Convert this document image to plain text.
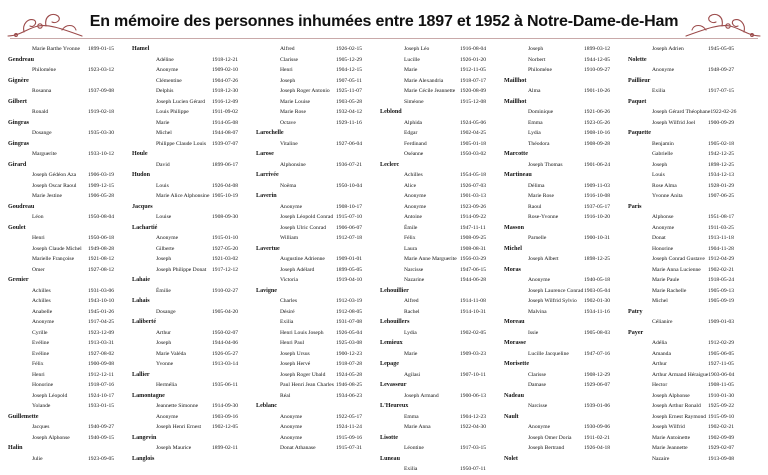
En mémoire des personnes inhumées entre 1897 et 1952 à Notre-Dame-de-Ham
Marie Barthe Yvonne	1899-01-15
Gendreau
Philoméne	1923-03-12
Gignère
Rosanna	1937-09-08
Gilbert
Ronald	1919-02-18
Gingras
Dosange	1935-03-30
Gingras
Marguerite	1933-10-12
Girard
Joseph Gédéon Aza	1906-03-19
Joseph Oscar Raoul	1909-12-15
Marie Jestine	1906-05-28
Goudreau
Léon	1950-08-04
Goulet
Henri	1950-06-18
Joseph Claude Michel	1949-08-28
Marielle Françoise	1921-08-12
Omer	1927-08-12
Grenier
Achilles	1931-03-06
Achilles	1943-10-10
Anabelle	1945-01-26
Anonyme	1917-04-25
Cyrille	1923-12-09
Evéline	1913-03-31
Evéline	1927-08-02
Félix	1900-09-08
Henri	1912-12-11
Honorine	1918-07-16
Joseph Léopold	1924-10-17
Yolande	1933-01-15
Guillemette
Jacques	1940-09-27
Joseph Alphonse	1940-09-15
Halin
Julie	1923-09-05
Hamel
Adéline	1918-12-21
Anonyme	1909-02-10
Clémentine	1904-07-26
Delphis	1918-12-30
Joseph Lucien Gérard	1916-12-09
Louis Philippe	1911-09-02
Marie	1914-05-08
Michel	1944-08-07
Philippe Claude Louis	1939-07-07
Houle
David	1899-06-17
Hudon
Louis	1926-04-08
Marie Alice Alphonsine 1905-10-19
Jacques
Louise	1908-09-30
Lachartié
Anonyme	1915-01-10
Gilberte	1927-05-20
Joseph	1921-03-02
Joseph Philippe Donat	1917-12-12
Lahaie
Émilie	1910-02-27
Lahais
Dosange	1905-04-20
Laliberté
Arthur	1950-02-07
Joseph	1944-04-06
Marie Valéda	1926-05-27
Yvonne	1913-03-14
Lallier
Hermélia	1935-06-11
Lamontagne
Jeannette Simonne	1914-09-30
Anonyme	1903-09-16
Joseph Henri Ernest	1902-12-05
Langevin
Joseph Maurice	1899-02-11
Langlois
Alfred	1926-02-15
Clarisse	1905-12-29
Henri	1904-12-15
Joseph	1907-05-11
Joseph Roger Antonio	1925-11-07
Marie Louise	1903-05-28
Marie Rose	1932-04-12
Octave	1929-11-16
Larochelle
Vitaline	1927-06-04
Larose
Alphonsine	1936-07-21
Larrivée
Noëma	1950-10-04
Laverin
Anonyme	1908-10-17
Joseph Léopold Conrad 1915-07-10
Joseph Ulric Conrad	1906-06-07
William	1912-07-18
Lavertue
Augustine Adrienne	1909-01-01
Joseph Adélard	1899-05-05
Victoria	1919-04-10
Lavigne
Charles	1912-03-19
Désiré	1912-08-05
Exilia	1931-07-08
Henri Louis Joseph	1926-05-04
Henri Paul	1925-03-08
Joseph Ursus	1900-12-23
Joseph Hervé	1918-07-28
Joseph Roger Ubald	1924-05-28
Paul Henri Jean Charles 1946-08-25
Réal	1934-06-23
Leblanc
Anonyme	1922-05-17
Anonyme	1924-11-24
Anonyme	1915-09-16
Donat Athanase	1915-07-31
Joseph Léo	1916-08-04
Lucille	1926-01-20
Marie	1912-11-05
Marie Alexandria	1918-07-17
Marie Cécile Jeannette 1920-08-09
Siméone	1915-12-08
Leblond
Alphida	1924-05-06
Edgar	1902-04-25
Ferdinand	1905-01-18
Oséanne	1950-03-02
Leclerc
Achilles	1954-05-18
Alice	1926-07-03
Anonyme	1901-03-13
Anonyme	1923-09-26
Antoine	1914-09-22
Émile	1947-11-11
Félix	1908-09-25
Laura	1908-08-31
Marie Anne Marguerite 1956-03-29
Narcisse	1947-06-15
Nazarine	1944-06-28
Lehouillier
Alfred	1914-11-08
Rachel	1914-10-31
Lehouillers
Lydia	1902-02-05
Lemieux
Marie	1909-03-23
Lepage
Agilasi	1907-10-11
Levasseur
Joseph Armand	1900-06-13
L'Heureux
Emma	1904-12-23
Marie Anna	1922-04-30
Lisotte
Léontine	1917-03-15
Luneau
Exilia	1950-07-11
Joseph	1899-03-12
Norbert	1944-12-05
Philoméne	1910-09-27
Maillhot
Alma	1901-10-26
Maillhot
Dominique	1921-06-26
Emma	1923-05-26
Lydia	1908-10-16
Théodora	1908-09-28
Marcotte
Joseph Thomas	1901-06-24
Martineau
Délima	1909-11-03
Marie Rose	1916-10-08
Raoul	1937-05-17
Rose-Yvonne	1916-10-20
Masson
Parnelle	1900-10-31
Michel
Joseph Albert	1898-12-25
Moras
Anonyme	1940-05-18
Joseph Laurence Conrad 1903-05-04
Joseph Wilfrid Sylvio	1902-01-30
Malvina	1934-11-16
Moreau
Issie	1905-08-03
Morasse
Lucille Jacqueline	1947-07-16
Morisette
Clarisse	1908-12-29
Damase	1929-06-07
Nadeau
Narcisse	1939-01-06
Nault
Anonyme	1930-09-06
Joseph Omer Doria	1911-02-21
Joseph Bertrand	1926-04-18
Nolet
Joseph Adrien	1945-05-05
Nolette
Anonyme	1948-09-27
Paillieur
Exilia	1917-07-15
Paquet
Joseph Gérard Théophane 1922-02-26
Joseph Wilfrid Joel	1900-09-29
Paquette
Benjamin	1905-02-18
Gabrielle	1942-12-25
Joseph	1898-12-25
Louis	1934-12-13
Rose Alma	1928-01-29
Yvonne Anita	1907-06-25
Paris
Alphonse	1951-08-17
Anonyme	1911-03-25
Donat	1913-11-18
Honorine	1904-11-28
Joseph Conrad Gustave 1912-04-29
Marie Anna Lucienne	1902-02-21
Marie Paule	1918-05-24
Marie Rachelle	1905-09-13
Michel	1905-09-19
Patry
Célianire	1909-01-03
Payer
Adélia	1912-02-29
Amanda	1905-06-05
Arthur	1927-11-05
Arthur Armand Héraigue 1903-06-04
Hector	1908-11-05
Joseph Alphonse	1910-01-30
Joseph Arthur Ronald	1925-09-22
Joseph Ernest Raymond 1915-09-10
Joseph Wilfrid	1902-02-21
Marie Antoinette	1902-09-09
Marie Jeannette	1929-02-07
Nazaire	1913-09-08
